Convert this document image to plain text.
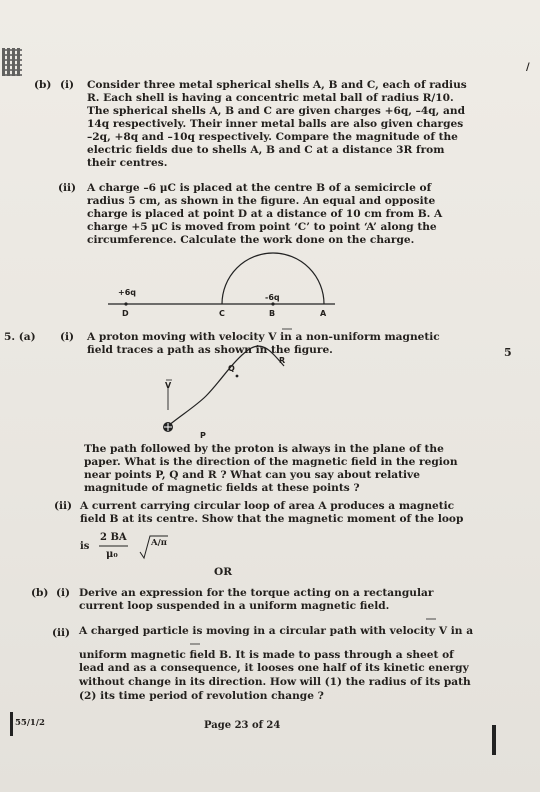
/
(b) (i) Consider three metal spherical shells A, B and C, each of radius
R. Each shell is having a concentric metal ball of radius R/10.
The spherical shells A, B and C are given charges +6q, –4q, and
14q respectively. Their inner metal balls are also given charges
–2q, +8q and –10q respectively. Compare the magnitude of the
electric fields due to shells A, B and C at a distance 3R from
their centres.
(ii) A charge –6 μC is placed at the centre B of a semicircle of
radius 5 cm, as shown in the figure. An equal and opposite
charge is placed at point D at a distance of 10 cm from B. A
charge +5 μC is moved from point ‘C’ to point ‘A’ along the
circumference. Calculate the work done on the charge.
+6q
D	C
-6q
B	A
5. (a) (i) A proton moving with velocity V in a non-uniform magnetic
field traces a path as shown in the figure.	5
R
Q
V
P
The path followed by the proton is always in the plane of the
paper. What is the direction of the magnetic field in the region
near points P, Q and R ? What can you say about relative
magnitude of magnetic fields at these points ?
(ii) A current carrying circular loop of area A produces a magnetic
field B at its centre. Show that the magnetic moment of the loop
is
2 BA
μ₀
A/π
OR
(b) (i) Derive an expression for the torque acting on a rectangular
current loop suspended in a uniform magnetic field.
(ii) A charged particle is moving in a circular path with velocity V in a
uniform magnetic field B. It is made to pass through a sheet of
lead and as a consequence, it looses one half of its kinetic energy
without change in its direction. How will (1) the radius of its path
(2) its time period of revolution change ?
55/1/2	Page 23 of 24
